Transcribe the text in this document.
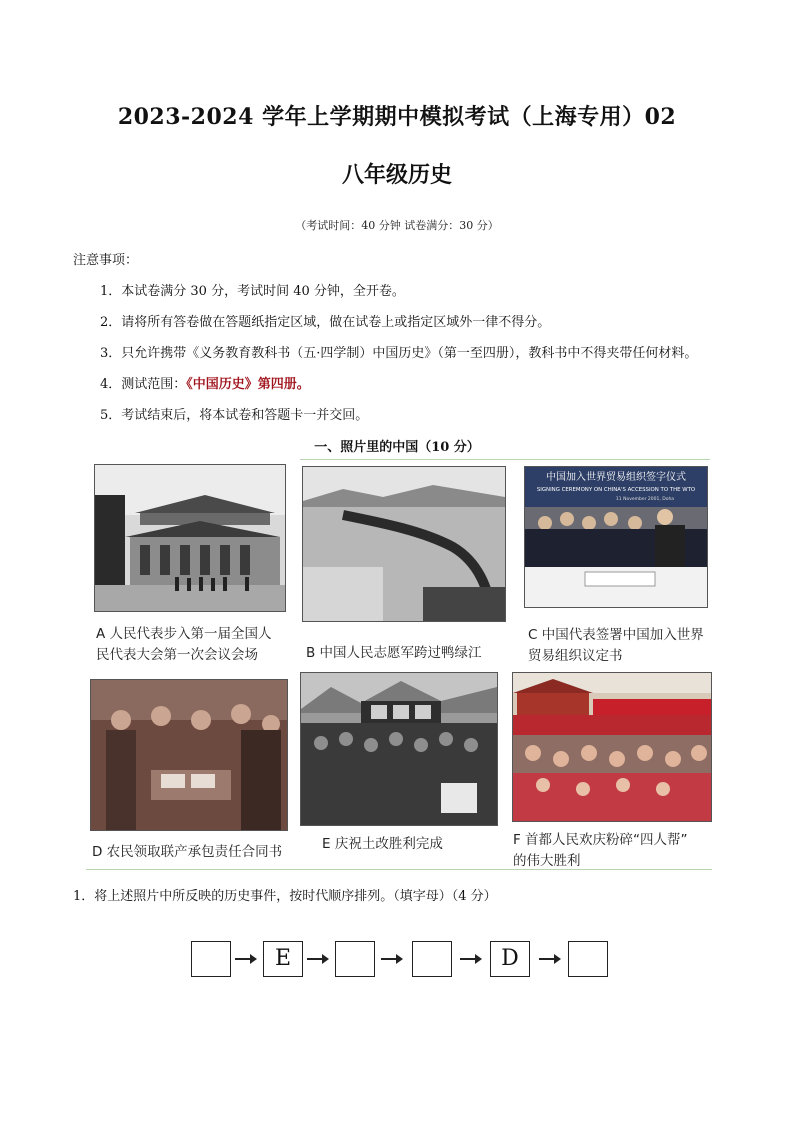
2023-2024 学年上学期期中模拟考试（上海专用）02
八年级历史
（考试时间：40 分钟 试卷满分：30 分）
注意事项：
1．本试卷满分 30 分，考试时间 40 分钟，全开卷。
2．请将所有答卷做在答题纸指定区域，做在试卷上或指定区域外一律不得分。
3．只允许携带《义务教育教科书（五·四学制）中国历史》（第一至四册），教科书中不得夹带任何材料。
4．测试范围：《中国历史》第四册。
5．考试结束后，将本试卷和答题卡一并交回。
一、照片里的中国（10 分）
A 人民代表步入第一届全国人
民代表大会第一次会议会场	B 中国人民志愿军跨过鸭绿江
中国加入世界贸易组织签字仪式
SIGNING CEREMONY ON CHINA'S ACCESSION TO THE WTO
11 November 2001, Doha
C 中国代表签署中国加入世界
贸易组织议定书
D 农民领取联产承包责任合同书	E 庆祝土改胜利完成	F 首都人民欢庆粉碎“四人帮”
的伟大胜利
1．将上述照片中所反映的历史事件，按时代顺序排列。（填字母）（4 分）
E	D
